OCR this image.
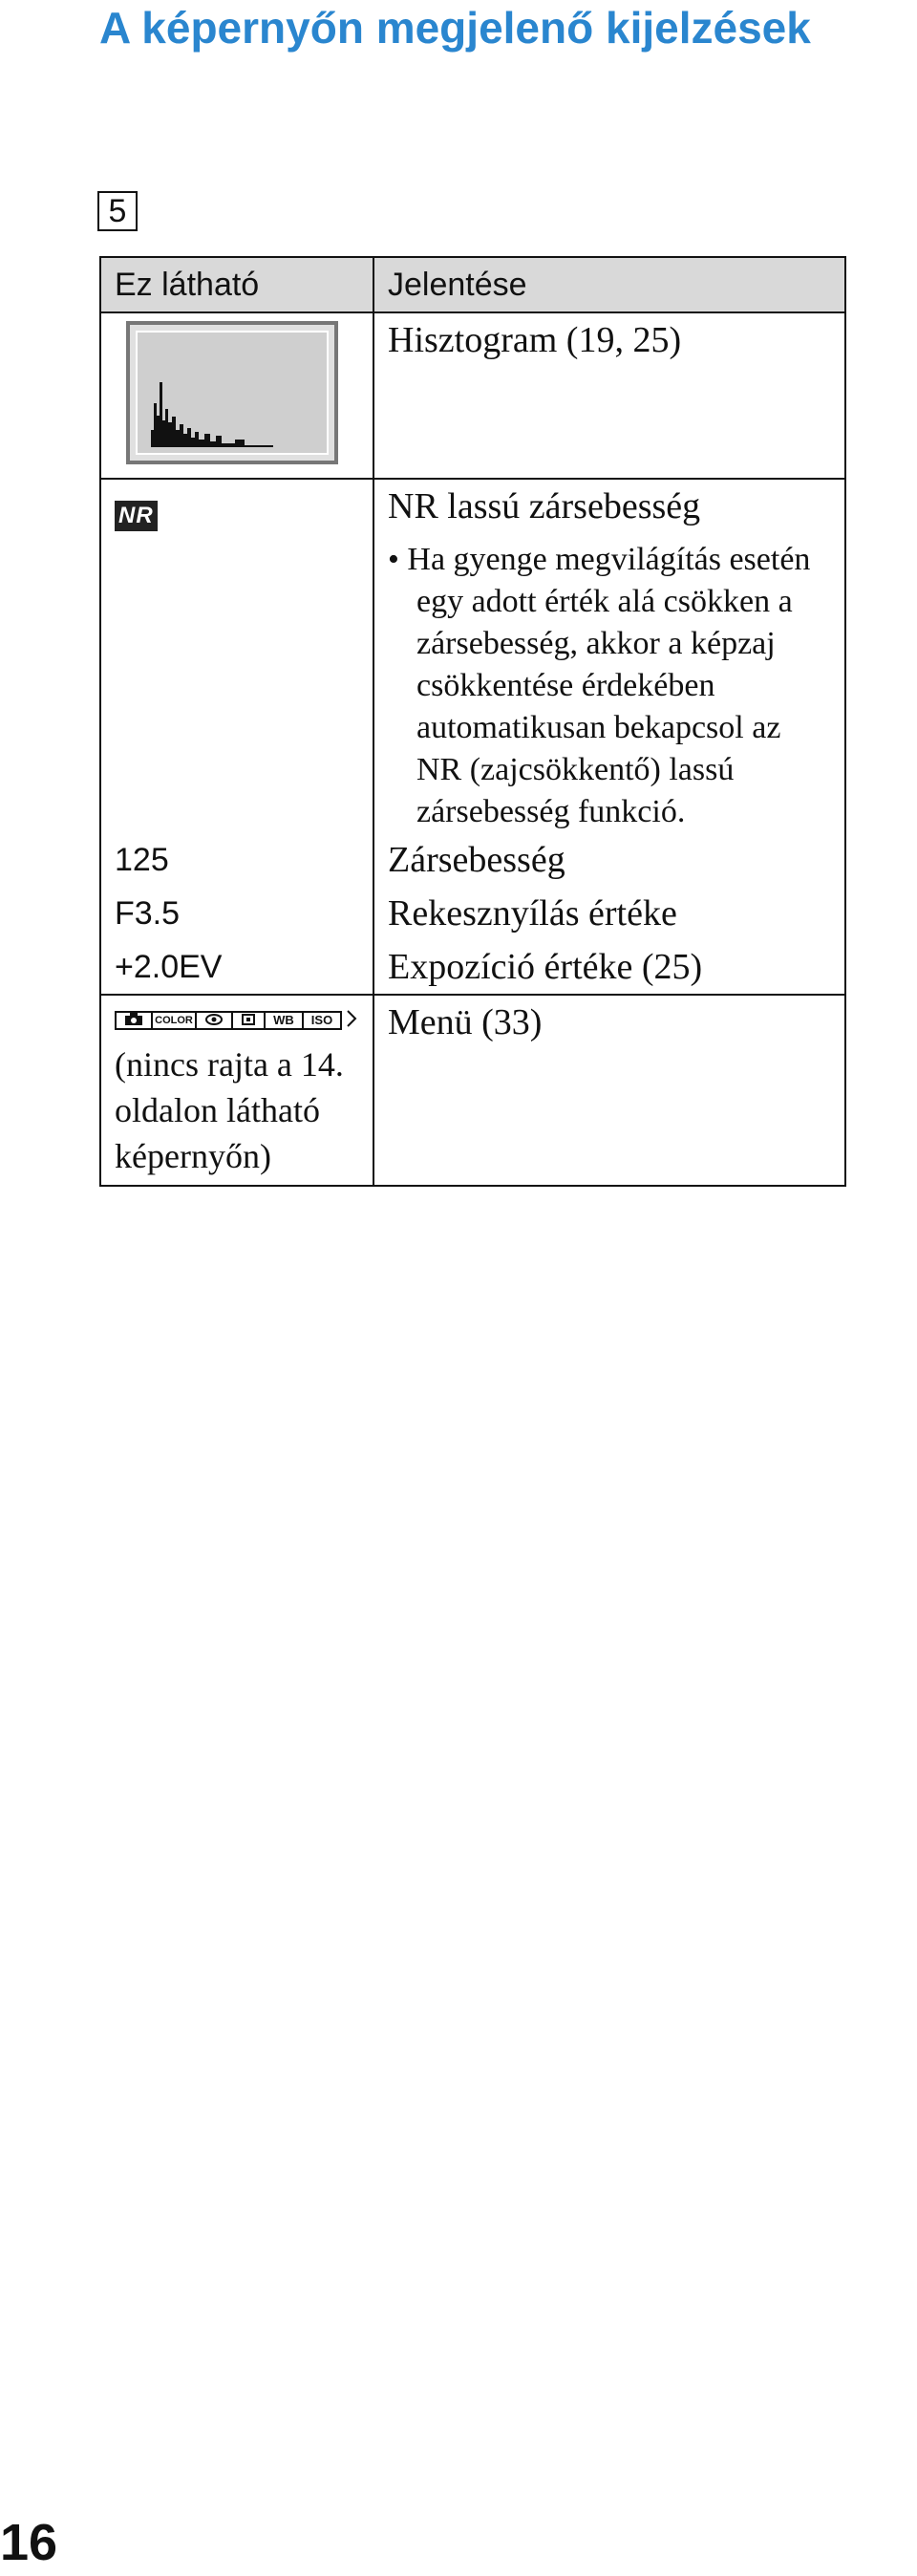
A képernyőn megjelenő kijelzések
5
Ez látható	Jelentése

	Hisztogram (19, 25)
NR	NR lassú zársebesség
• Ha gyenge megvilágítás esetén egy adott érték alá csökken a zársebesség, akkor a képzaj csökkentése érdekében automatikusan bekapcsol az NR (zajcsökkentő) lassú zársebesség funkció.

125	Zársebesség
F3.5	Rekesznyílás értéke
+2.0EV	Expozíció értéke (25)

COLOR WB ISO
(nincs rajta a 14. oldalon látható képernyőn)	Menü (33)
16
